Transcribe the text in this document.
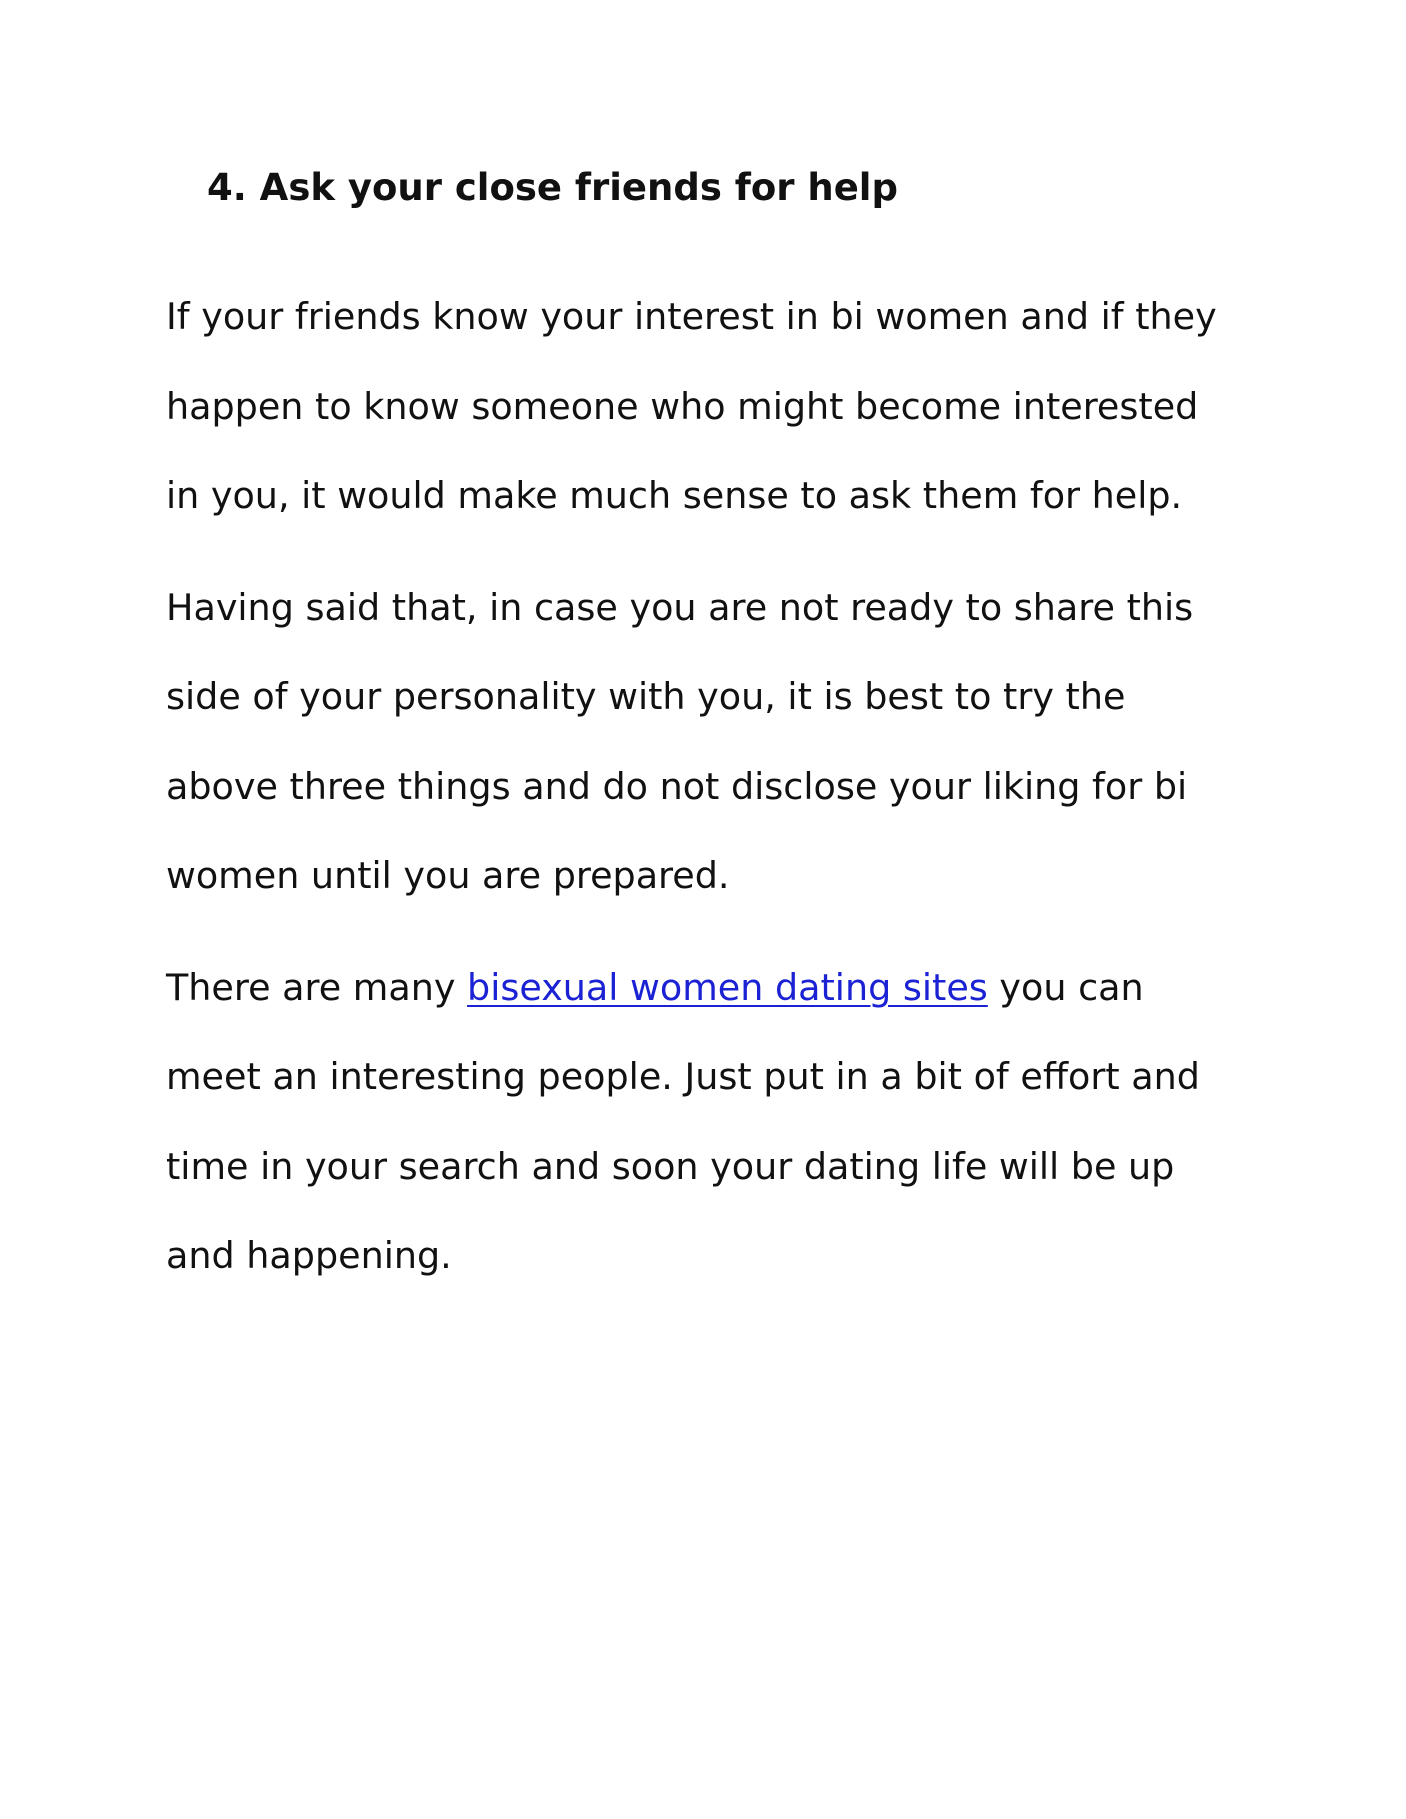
4. Ask your close friends for help

If your friends know your interest in bi women and if they
happen to know someone who might become interested
in you, it would make much sense to ask them for help.

Having said that, in case you are not ready to share this
side of your personality with you, it is best to try the
above three things and do not disclose your liking for bi
women until you are prepared.

There are many bisexual women dating sites you can
meet an interesting people. Just put in a bit of effort and
time in your search and soon your dating life will be up
and happening.
